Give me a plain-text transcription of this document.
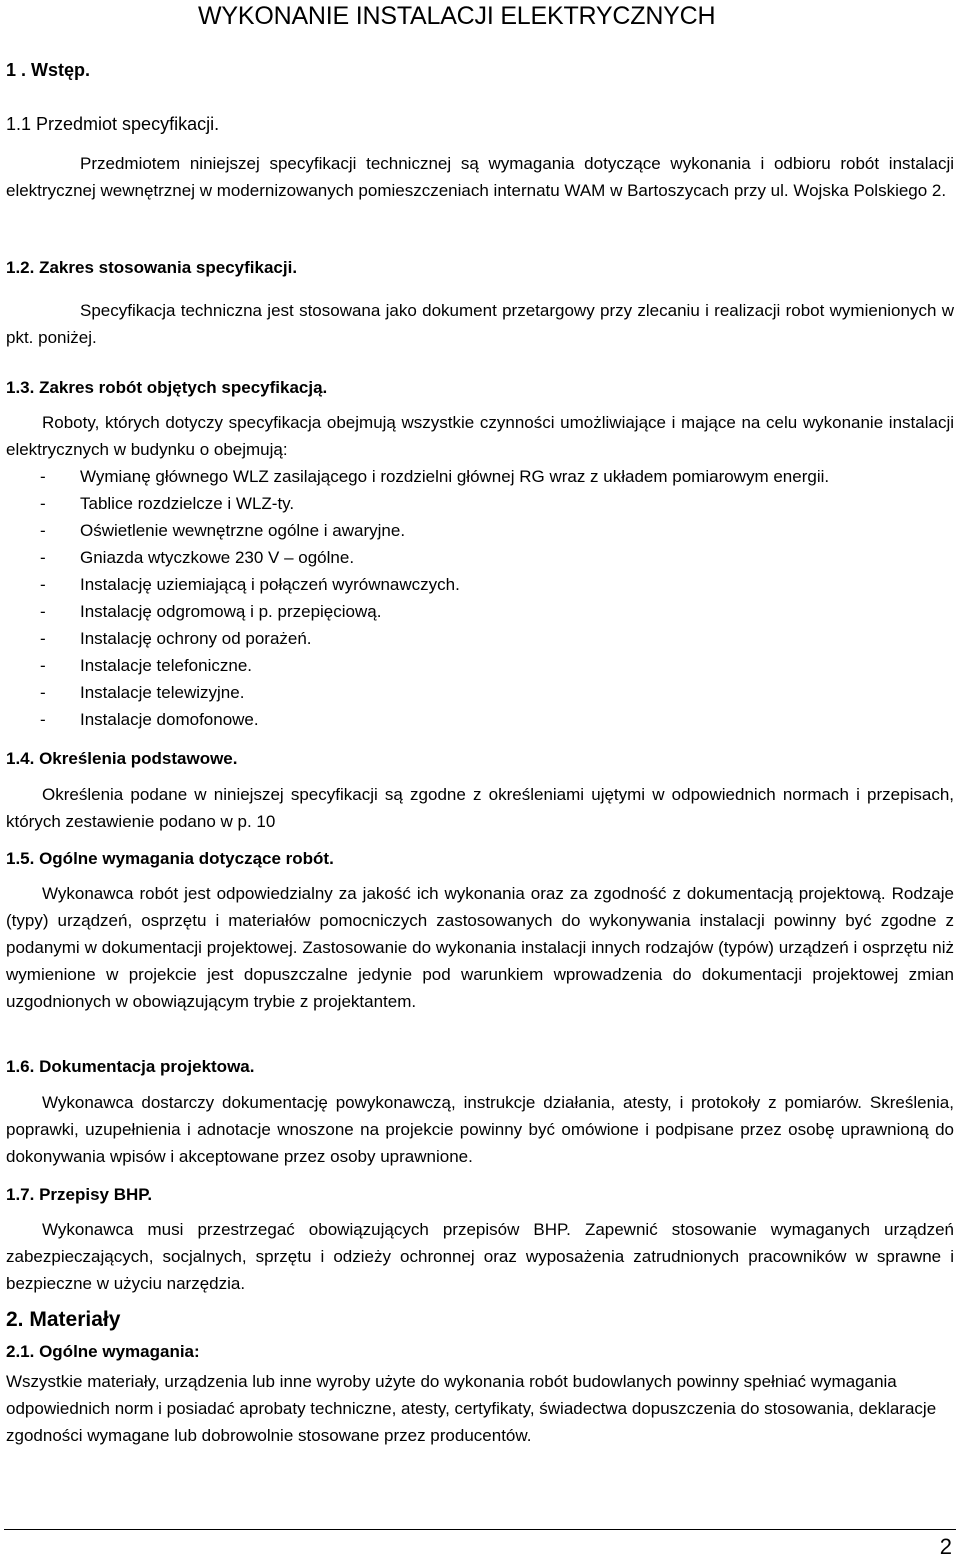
WYKONANIE INSTALACJI ELEKTRYCZNYCH
1 . Wstęp.
1.1 Przedmiot specyfikacji.
Przedmiotem niniejszej specyfikacji technicznej są wymagania dotyczące wykonania i odbioru robót instalacji elektrycznej wewnętrznej w modernizowanych pomieszczeniach internatu WAM w Bartoszycach przy ul. Wojska Polskiego 2.
1.2. Zakres stosowania specyfikacji.
Specyfikacja techniczna jest stosowana jako dokument przetargowy przy zlecaniu i realizacji robot wymienionych w pkt. poniżej.
1.3. Zakres robót objętych specyfikacją.
Roboty, których dotyczy specyfikacja obejmują wszystkie czynności umożliwiające i mające na celu wykonanie instalacji elektrycznych w budynku o obejmują:
- Wymianę głównego WLZ zasilającego i rozdzielni głównej RG wraz z układem pomiarowym energii.
- Tablice rozdzielcze i WLZ-ty.
- Oświetlenie wewnętrzne ogólne i awaryjne.
- Gniazda wtyczkowe 230 V – ogólne.
- Instalację uziemiającą i połączeń wyrównawczych.
- Instalację odgromową i p. przepięciową.
- Instalację ochrony od porażeń.
- Instalacje telefoniczne.
- Instalacje telewizyjne.
- Instalacje domofonowe.
1.4. Określenia podstawowe.
Określenia podane w niniejszej specyfikacji są zgodne z określeniami ujętymi w odpowiednich normach i przepisach, których zestawienie podano w p. 10
1.5. Ogólne wymagania dotyczące robót.
Wykonawca robót jest odpowiedzialny za jakość ich wykonania oraz za zgodność z dokumentacją projektową. Rodzaje (typy) urządzeń, osprzętu i materiałów pomocniczych zastosowanych do wykonywania instalacji powinny być zgodne z podanymi w dokumentacji projektowej. Zastosowanie do wykonania instalacji innych rodzajów (typów) urządzeń i osprzętu niż wymienione w projekcie jest dopuszczalne jedynie pod warunkiem wprowadzenia do dokumentacji projektowej zmian uzgodnionych w obowiązującym trybie z projektantem.
1.6. Dokumentacja projektowa.
Wykonawca dostarczy dokumentację powykonawczą, instrukcje działania, atesty, i protokoły z pomiarów. Skreślenia, poprawki, uzupełnienia i adnotacje wnoszone na projekcie powinny być omówione i podpisane przez osobę uprawnioną do dokonywania wpisów i akceptowane przez osoby uprawnione.
1.7. Przepisy BHP.
Wykonawca musi przestrzegać obowiązujących przepisów BHP. Zapewnić stosowanie wymaganych urządzeń zabezpieczających, socjalnych, sprzętu i odzieży ochronnej oraz wyposażenia zatrudnionych pracowników w sprawne i bezpieczne w użyciu narzędzia.
2. Materiały
2.1. Ogólne wymagania:
Wszystkie materiały, urządzenia lub inne wyroby użyte do wykonania robót budowlanych powinny spełniać wymagania odpowiednich norm i posiadać aprobaty techniczne, atesty, certyfikaty, świadectwa dopuszczenia do stosowania, deklaracje zgodności wymagane lub dobrowolnie stosowane przez producentów.
2
